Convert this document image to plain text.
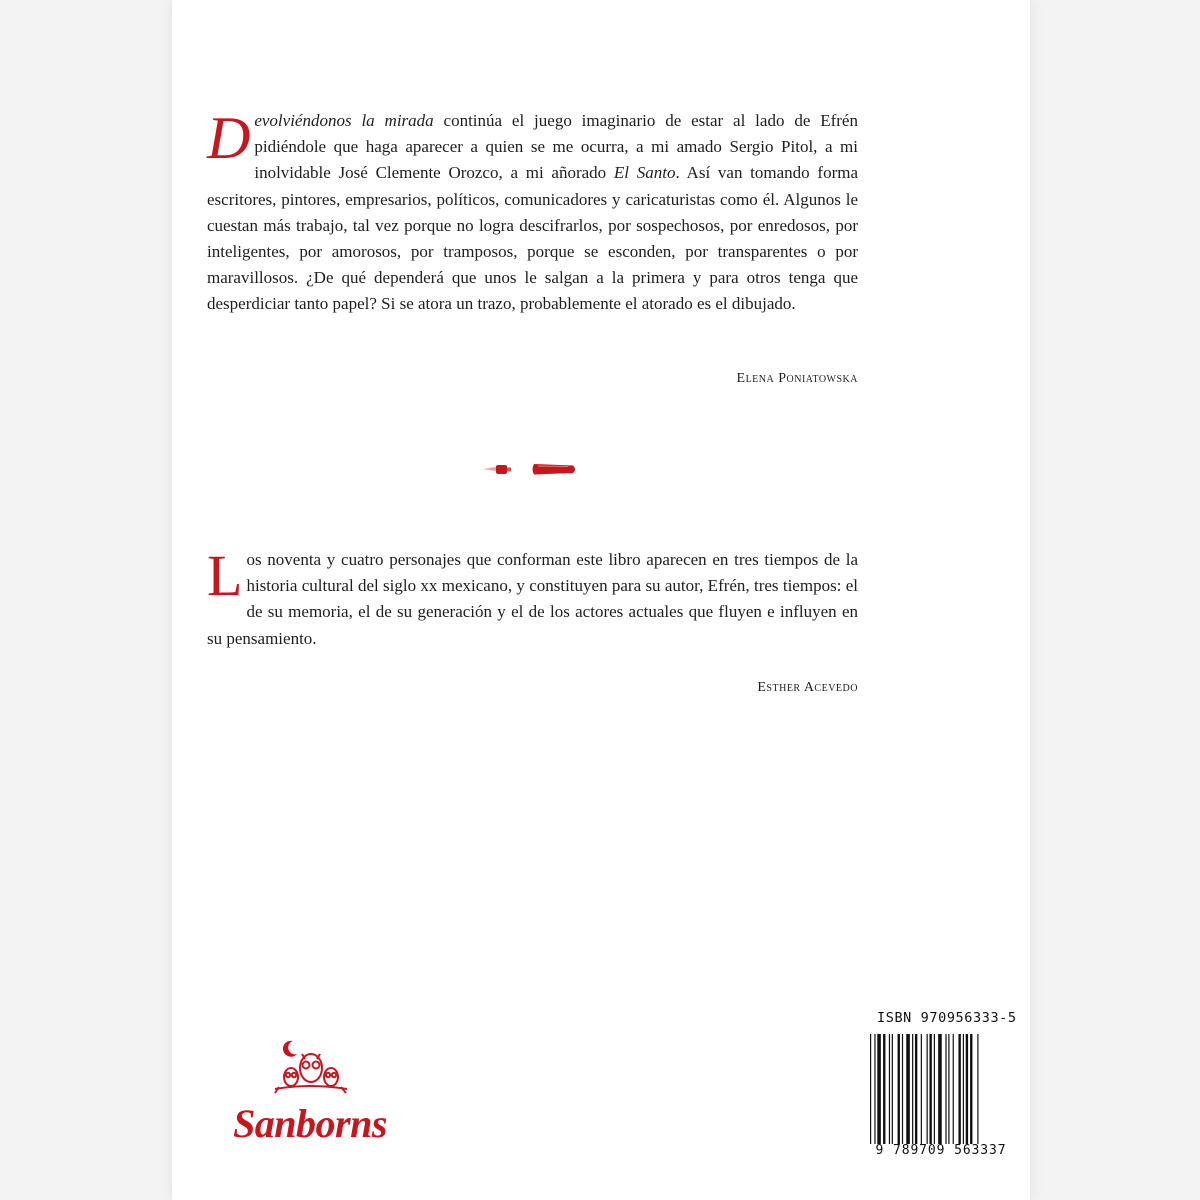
Devolviéndonos la mirada continúa el juego imaginario de estar al lado de Efrén pidiéndole que haga aparecer a quien se me ocurra, a mi amado Sergio Pitol, a mi inolvidable José Clemente Orozco, a mi añorado El Santo. Así van tomando forma escritores, pintores, empresarios, políticos, comunicadores y caricaturistas como él. Algunos le cuestan más trabajo, tal vez porque no logra descifrarlos, por sospechosos, por enredosos, por inteligentes, por amorosos, por tramposos, porque se esconden, por transparentes o por maravillosos. ¿De qué dependerá que unos le salgan a la primera y para otros tenga que desperdiciar tanto papel? Si se atora un trazo, probablemente el atorado es el dibujado.
Elena Poniatowska
Los noventa y cuatro personajes que conforman este libro aparecen en tres tiempos de la historia cultural del siglo xx mexicano, y constituyen para su autor, Efrén, tres tiempos: el de su memoria, el de su generación y el de los actores actuales que fluyen e influyen en su pensamiento.
Esther Acevedo
Sanborns
ISBN 970956333-5
9 789709 563337
